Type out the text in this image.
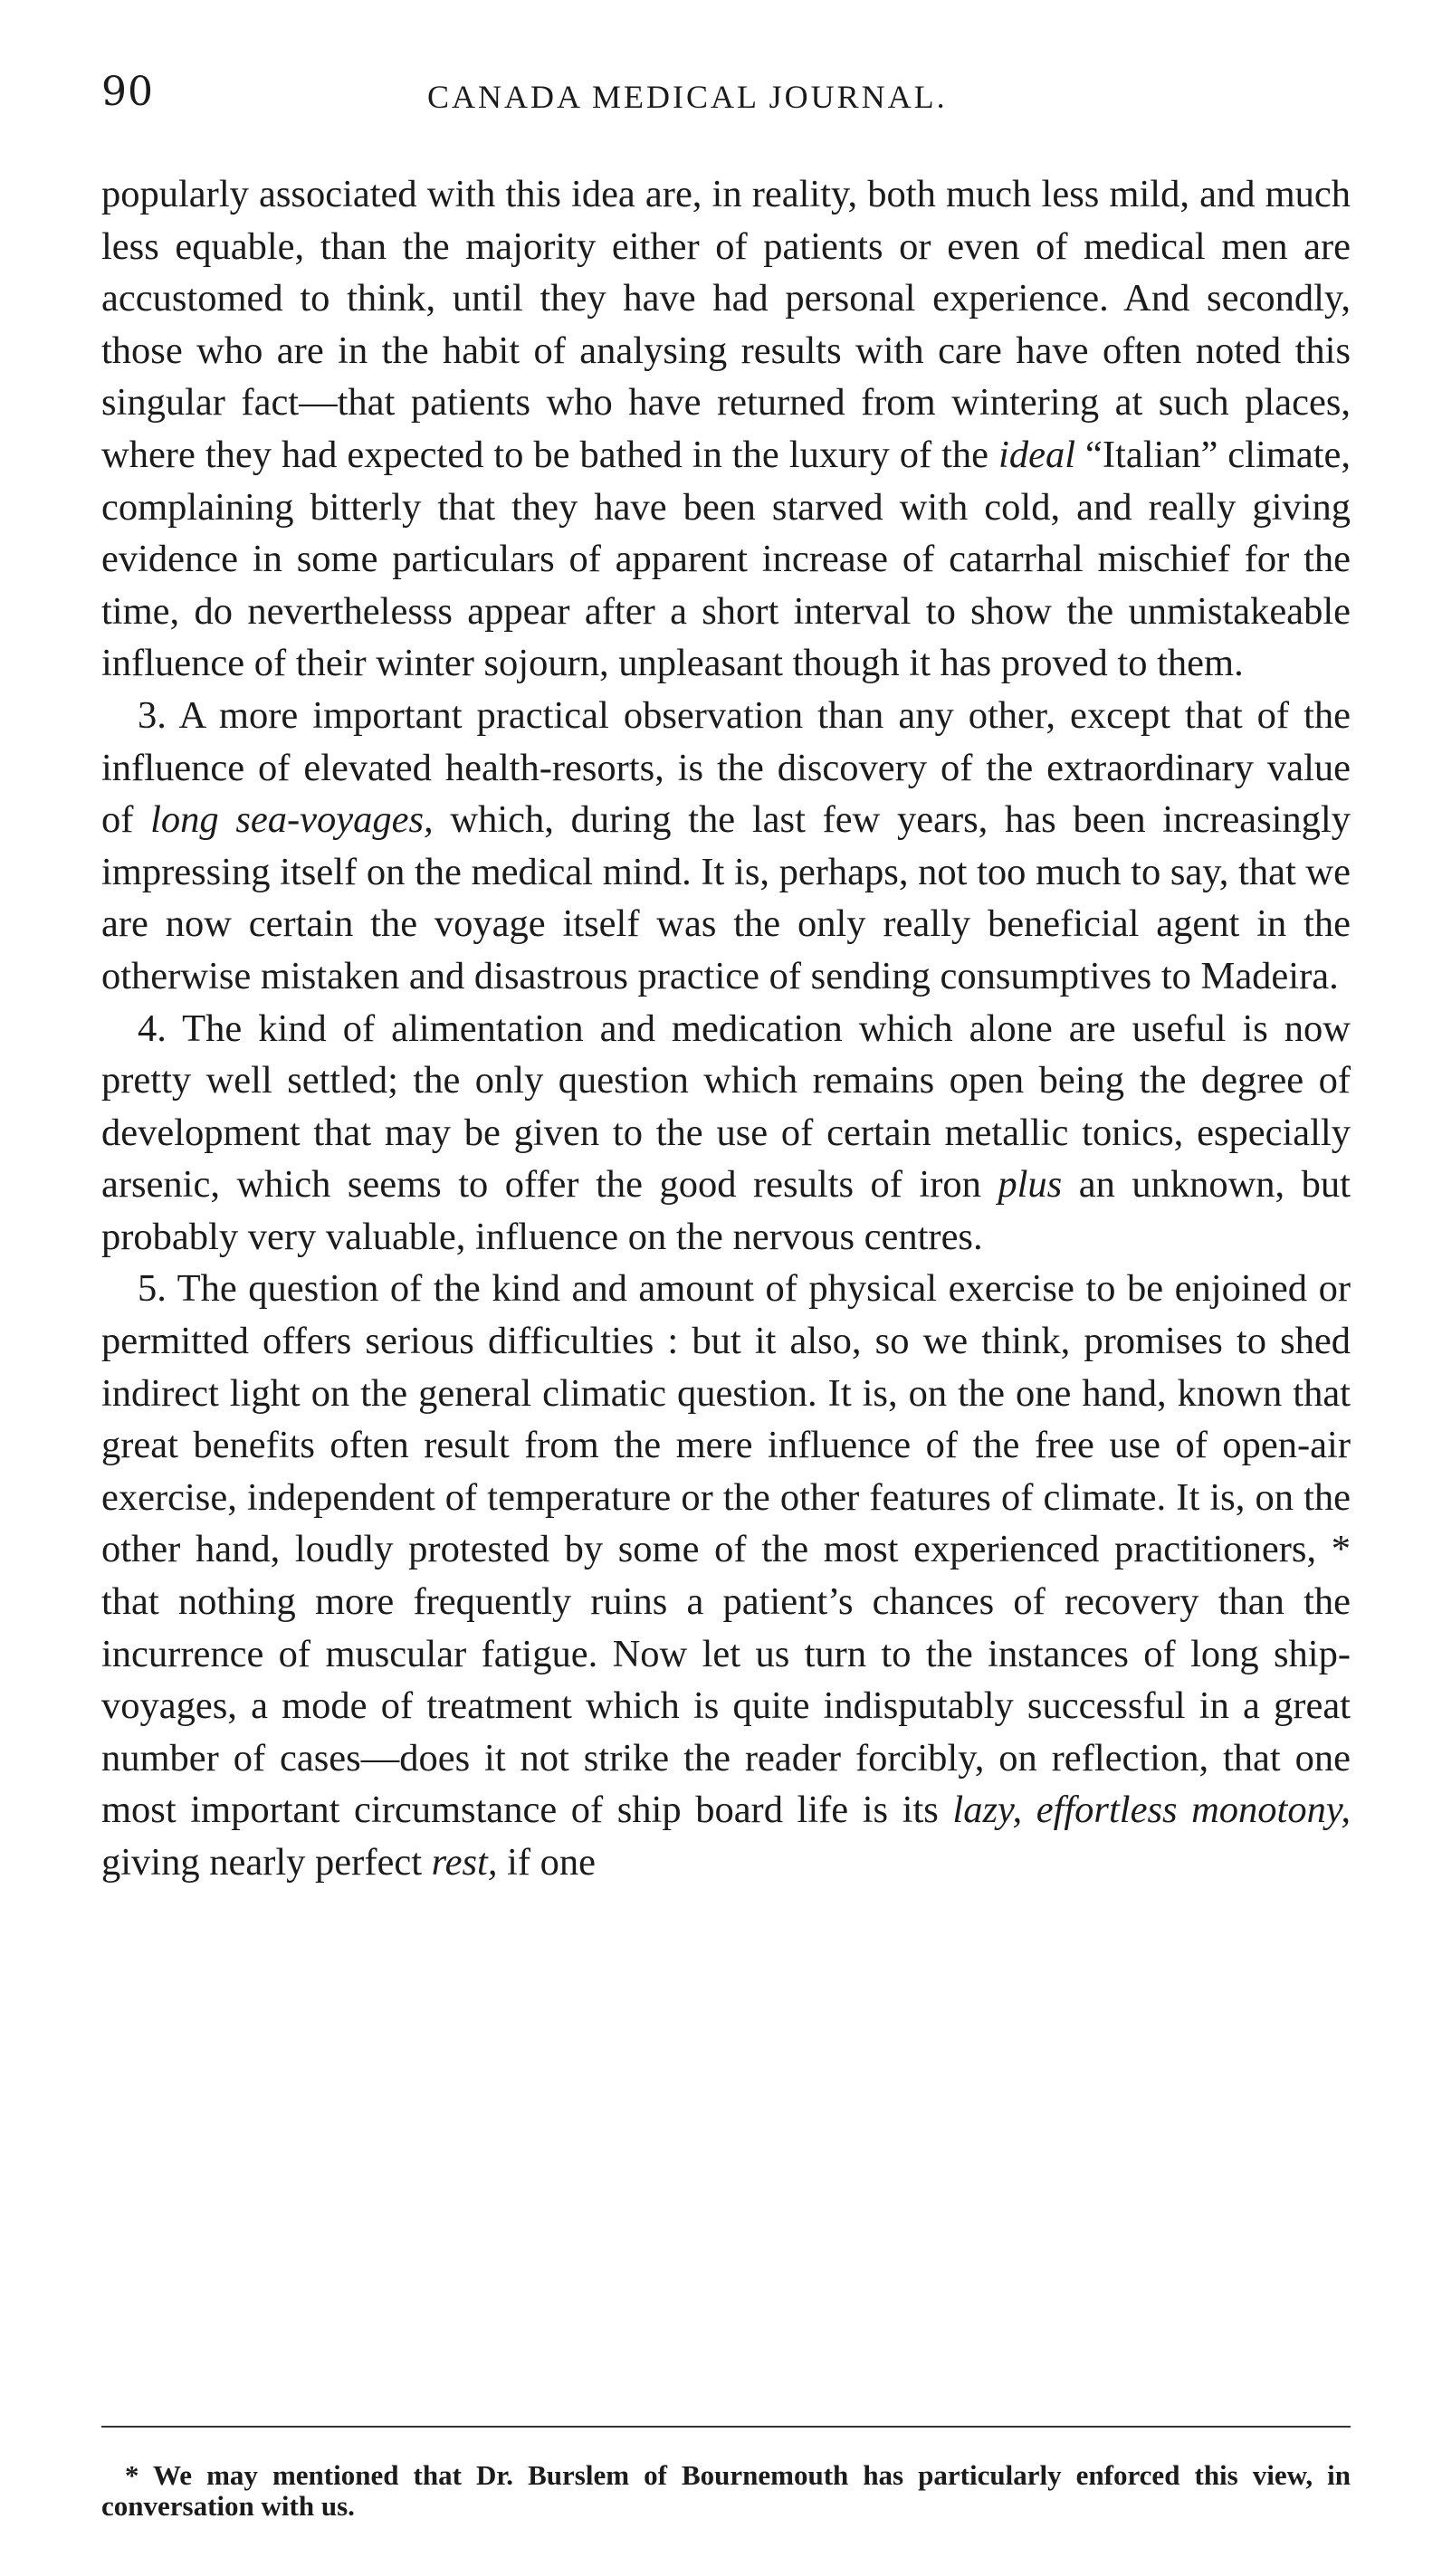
90	CANADA MEDICAL JOURNAL.

popularly associated with this idea are, in reality, both much less mild, and much less equable, than the majority either of patients or even of medical men are accustomed to think, until they have had personal experience. And secondly, those who are in the habit of analysing results with care have often noted this singular fact—that patients who have returned from wintering at such places, where they had expected to be bathed in the luxury of the ideal “Italian” climate, complaining bitterly that they have been starved with cold, and really giving evidence in some particulars of apparent increase of catarrhal mischief for the time, do neverthelesss appear after a short interval to show the unmistakeable influence of their winter sojourn, unpleasant though it has proved to them.

3. A more important practical observation than any other, except that of the influence of elevated health-resorts, is the discovery of the extraordinary value of long sea-voyages, which, during the last few years, has been increasingly impressing itself on the medical mind. It is, perhaps, not too much to say, that we are now certain the voyage itself was the only really beneficial agent in the otherwise mistaken and disastrous practice of sending consumptives to Madeira.

4. The kind of alimentation and medication which alone are useful is now pretty well settled; the only question which remains open being the degree of development that may be given to the use of certain metallic tonics, especially arsenic, which seems to offer the good results of iron plus an unknown, but probably very valuable, influence on the nervous centres.

5. The question of the kind and amount of physical exercise to be enjoined or permitted offers serious difficulties : but it also, so we think, promises to shed indirect light on the general climatic question. It is, on the one hand, known that great benefits often result from the mere influence of the free use of open-air exercise, independent of temperature or the other features of climate. It is, on the other hand, loudly protested by some of the most experienced practitioners, * that nothing more frequently ruins a patient’s chances of recovery than the incurrence of muscular fatigue. Now let us turn to the instances of long ship-voyages, a mode of treatment which is quite indisputably successful in a great number of cases—does it not strike the reader forcibly, on reflection, that one most important circumstance of ship board life is its lazy, effortless monotony, giving nearly perfect rest, if one

* We may mentioned that Dr. Burslem of Bournemouth has particularly enforced this view, in conversation with us.
